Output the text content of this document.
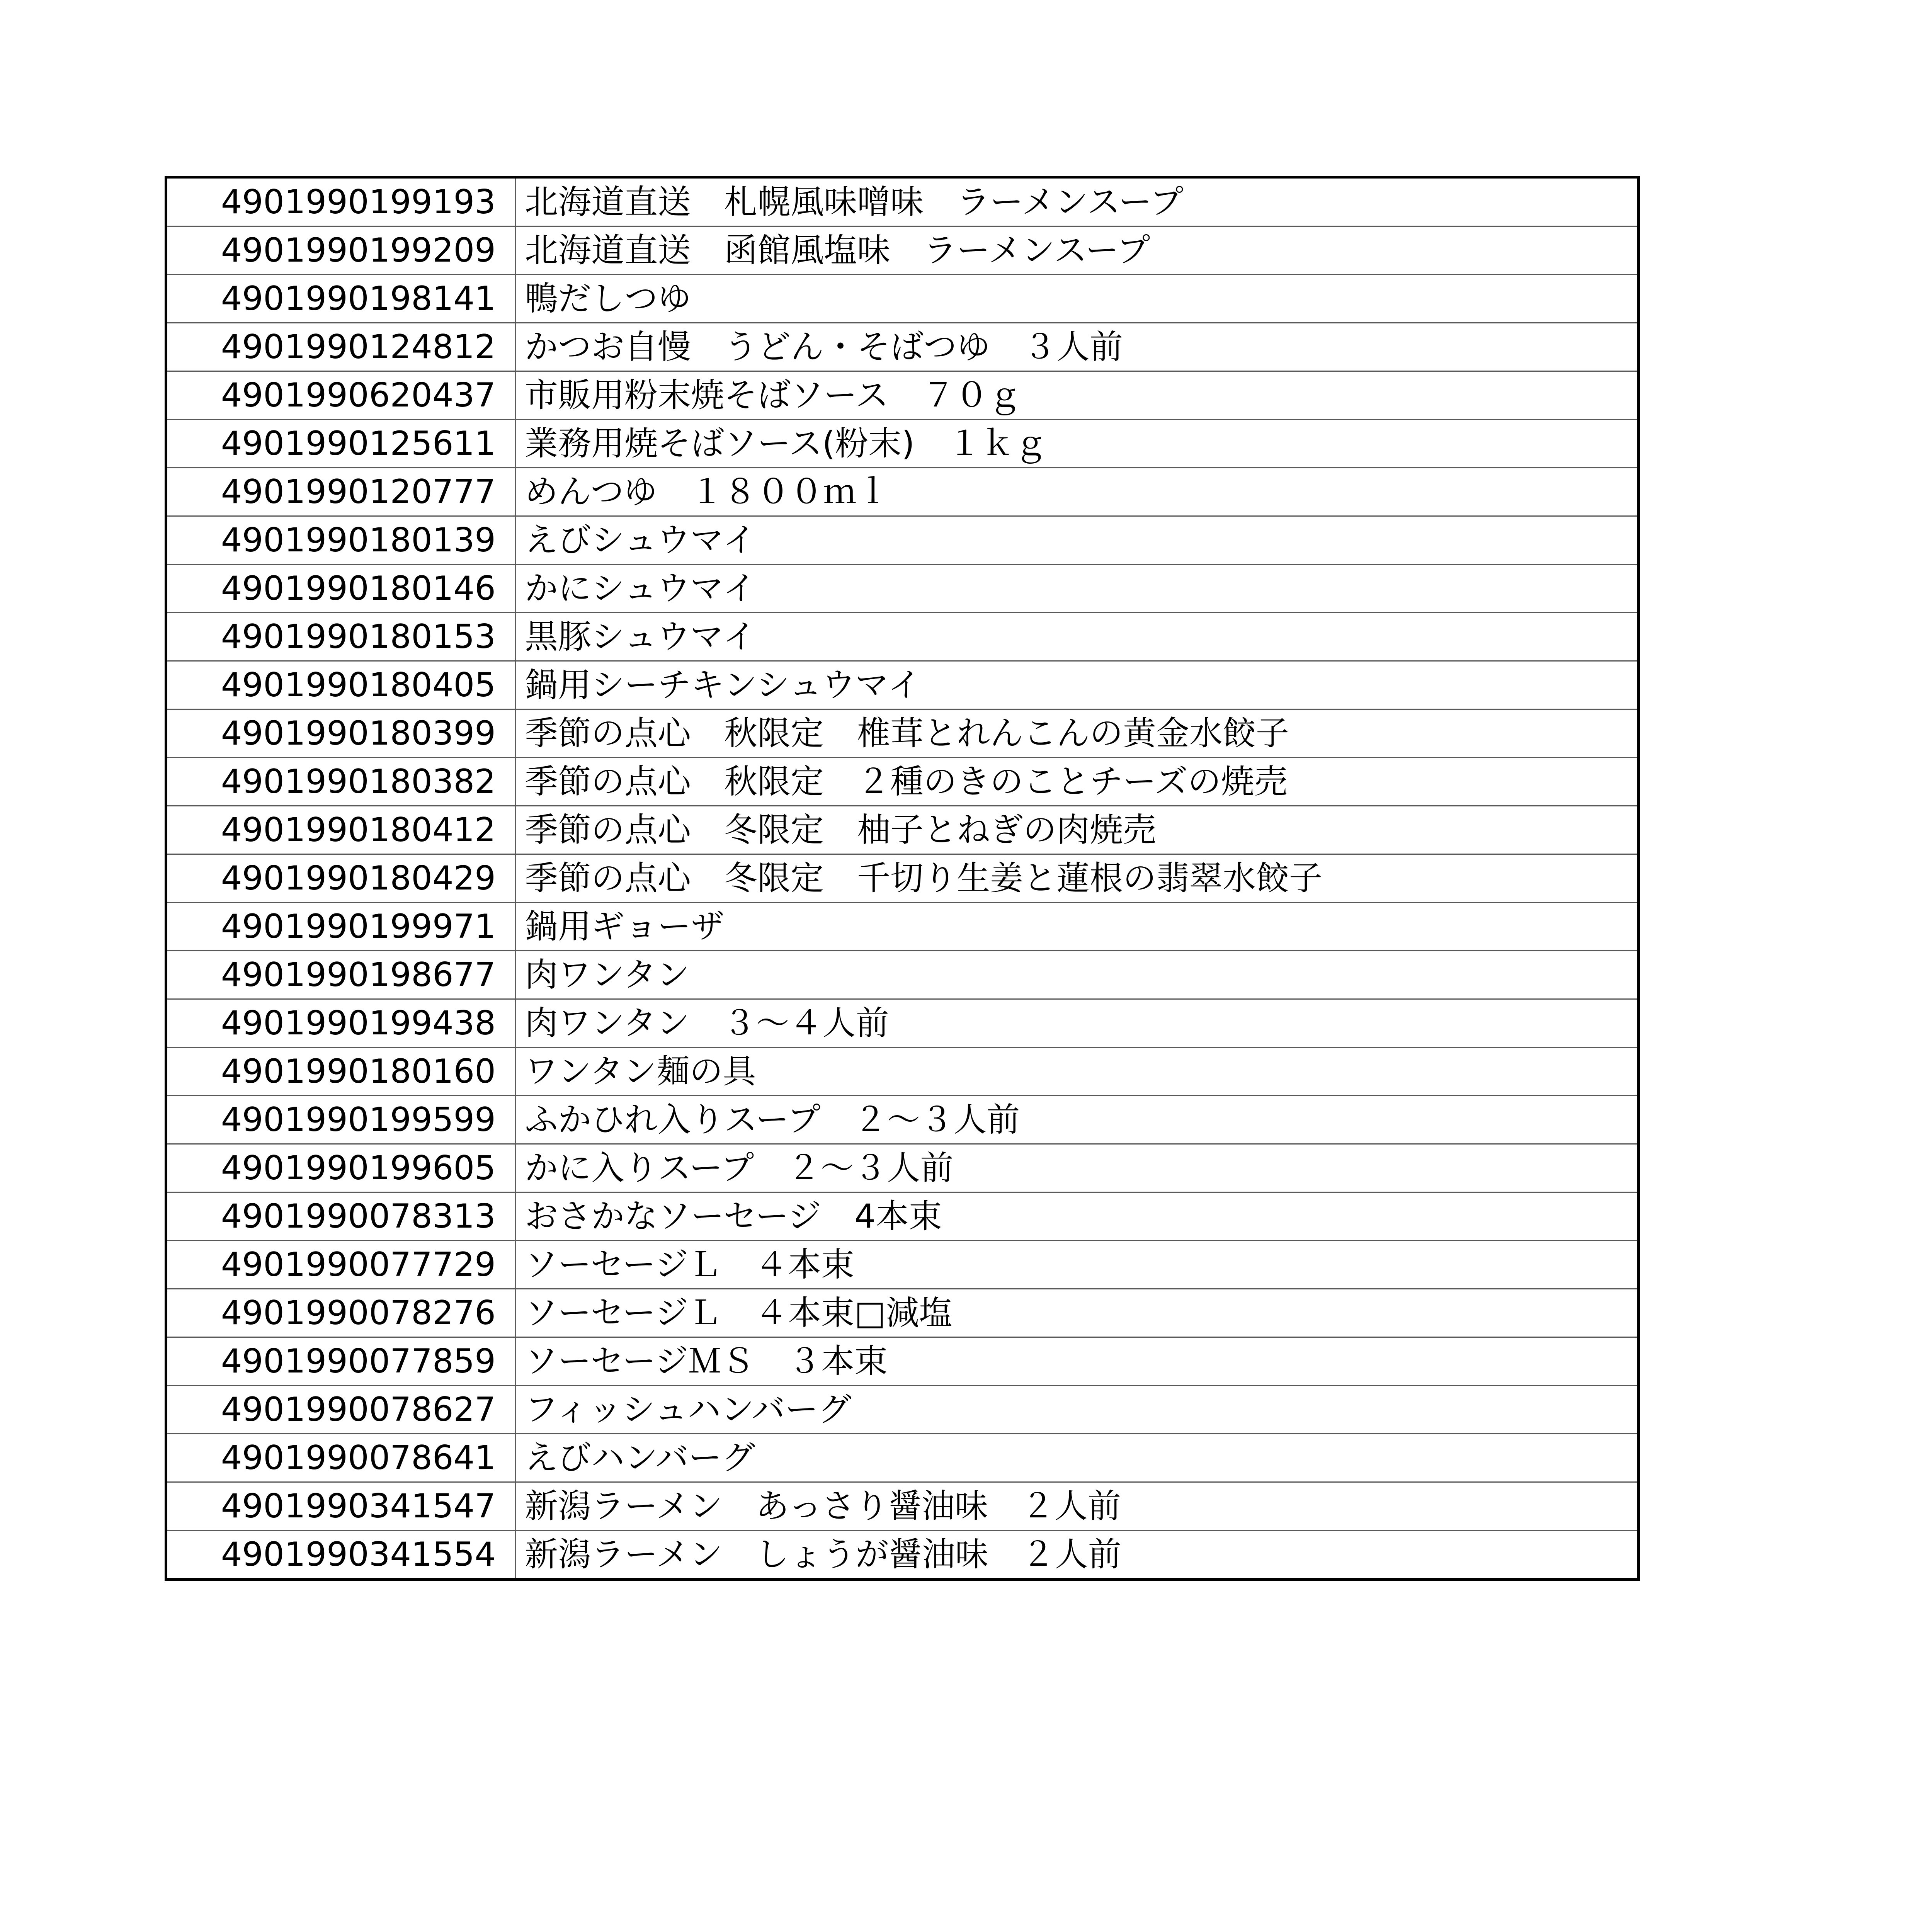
4901990199193	北海道直送　札幌風味噌味　ラーメンスープ
4901990199209	北海道直送　函館風塩味　ラーメンスープ
4901990198141	鴨だしつゆ
4901990124812	かつお自慢　うどん・そばつゆ　３人前
4901990620437	市販用粉末焼そばソース　７０ｇ
4901990125611	業務用焼そばソース(粉末)　１ｋｇ
4901990120777	めんつゆ　１８００ｍｌ
4901990180139	えびシュウマイ
4901990180146	かにシュウマイ
4901990180153	黒豚シュウマイ
4901990180405	鍋用シーチキンシュウマイ
4901990180399	季節の点心　秋限定　椎茸とれんこんの黄金水餃子
4901990180382	季節の点心　秋限定　２種のきのことチーズの焼売
4901990180412	季節の点心　冬限定　柚子とねぎの肉焼売
4901990180429	季節の点心　冬限定　千切り生姜と蓮根の翡翠水餃子
4901990199971	鍋用ギョーザ
4901990198677	肉ワンタン
4901990199438	肉ワンタン　３～４人前
4901990180160	ワンタン麺の具
4901990199599	ふかひれ入りスープ　２～３人前
4901990199605	かに入りスープ　２～３人前
4901990078313	おさかなソーセージ　4本束
4901990077729	ソーセージＬ　４本束
4901990078276	ソーセージＬ　４本束□減塩
4901990077859	ソーセージＭＳ　３本束
4901990078627	フィッシュハンバーグ
4901990078641	えびハンバーグ
4901990341547	新潟ラーメン　あっさり醤油味　２人前
4901990341554	新潟ラーメン　しょうが醤油味　２人前
